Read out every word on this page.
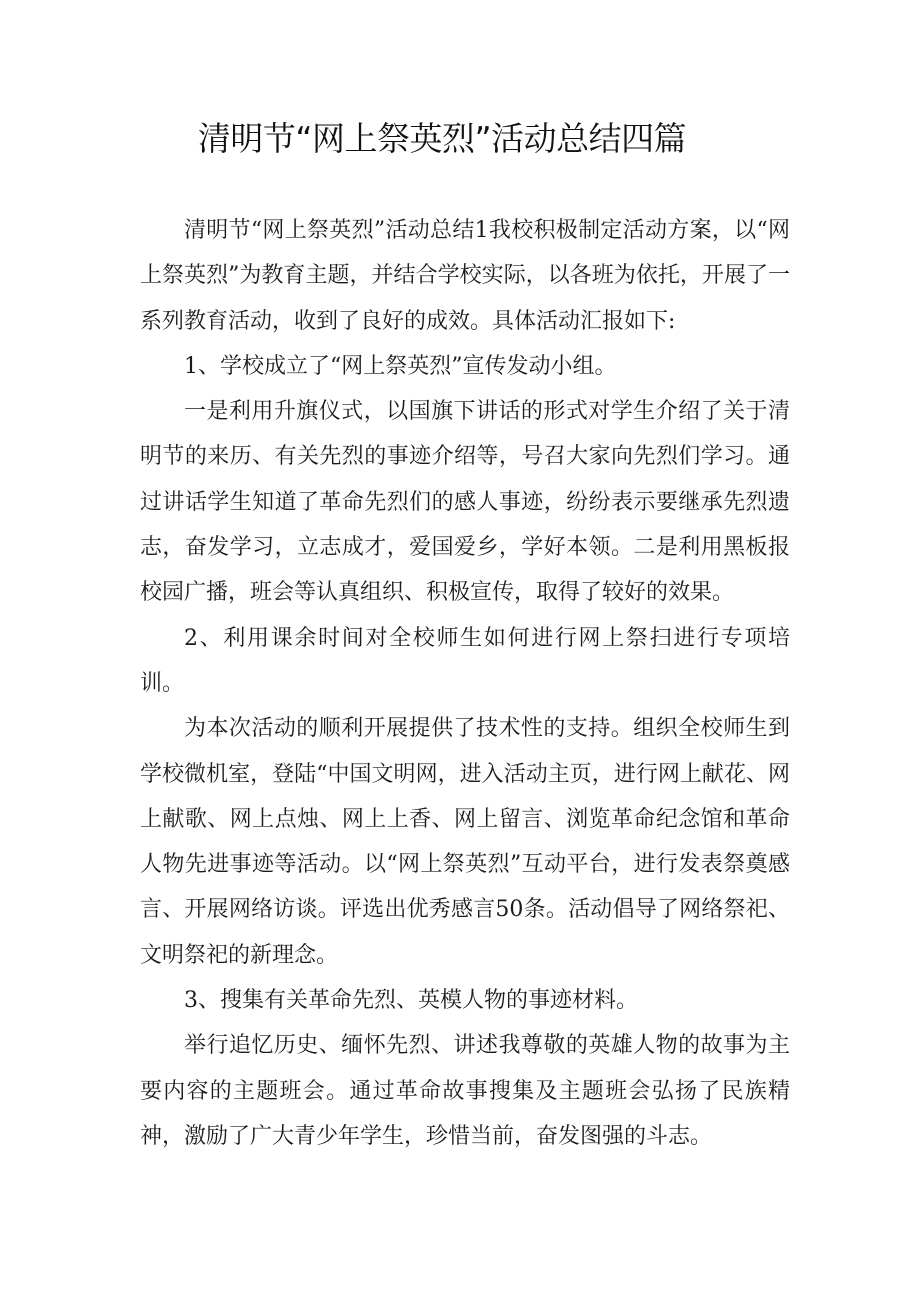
清明节“网上祭英烈”活动总结四篇

清明节“网上祭英烈”活动总结1我校积极制定活动方案，以“网上祭英烈”为教育主题，并结合学校实际，以各班为依托，开展了一系列教育活动，收到了良好的成效。具体活动汇报如下:

1、学校成立了“网上祭英烈”宣传发动小组。

一是利用升旗仪式，以国旗下讲话的形式对学生介绍了关于清明节的来历、有关先烈的事迹介绍等，号召大家向先烈们学习。通过讲话学生知道了革命先烈们的感人事迹，纷纷表示要继承先烈遗志，奋发学习，立志成才，爱国爱乡，学好本领。二是利用黑板报校园广播，班会等认真组织、积极宣传，取得了较好的效果。

2、利用课余时间对全校师生如何进行网上祭扫进行专项培训。

为本次活动的顺利开展提供了技术性的支持。组织全校师生到学校微机室，登陆“中国文明网，进入活动主页，进行网上献花、网上献歌、网上点烛、网上上香、网上留言、浏览革命纪念馆和革命人物先进事迹等活动。以“网上祭英烈”互动平台，进行发表祭奠感言、开展网络访谈。评选出优秀感言50条。活动倡导了网络祭祀、文明祭祀的新理念。

3、搜集有关革命先烈、英模人物的事迹材料。

举行追忆历史、缅怀先烈、讲述我尊敬的英雄人物的故事为主要内容的主题班会。通过革命故事搜集及主题班会弘扬了民族精神，激励了广大青少年学生，珍惜当前，奋发图强的斗志。
